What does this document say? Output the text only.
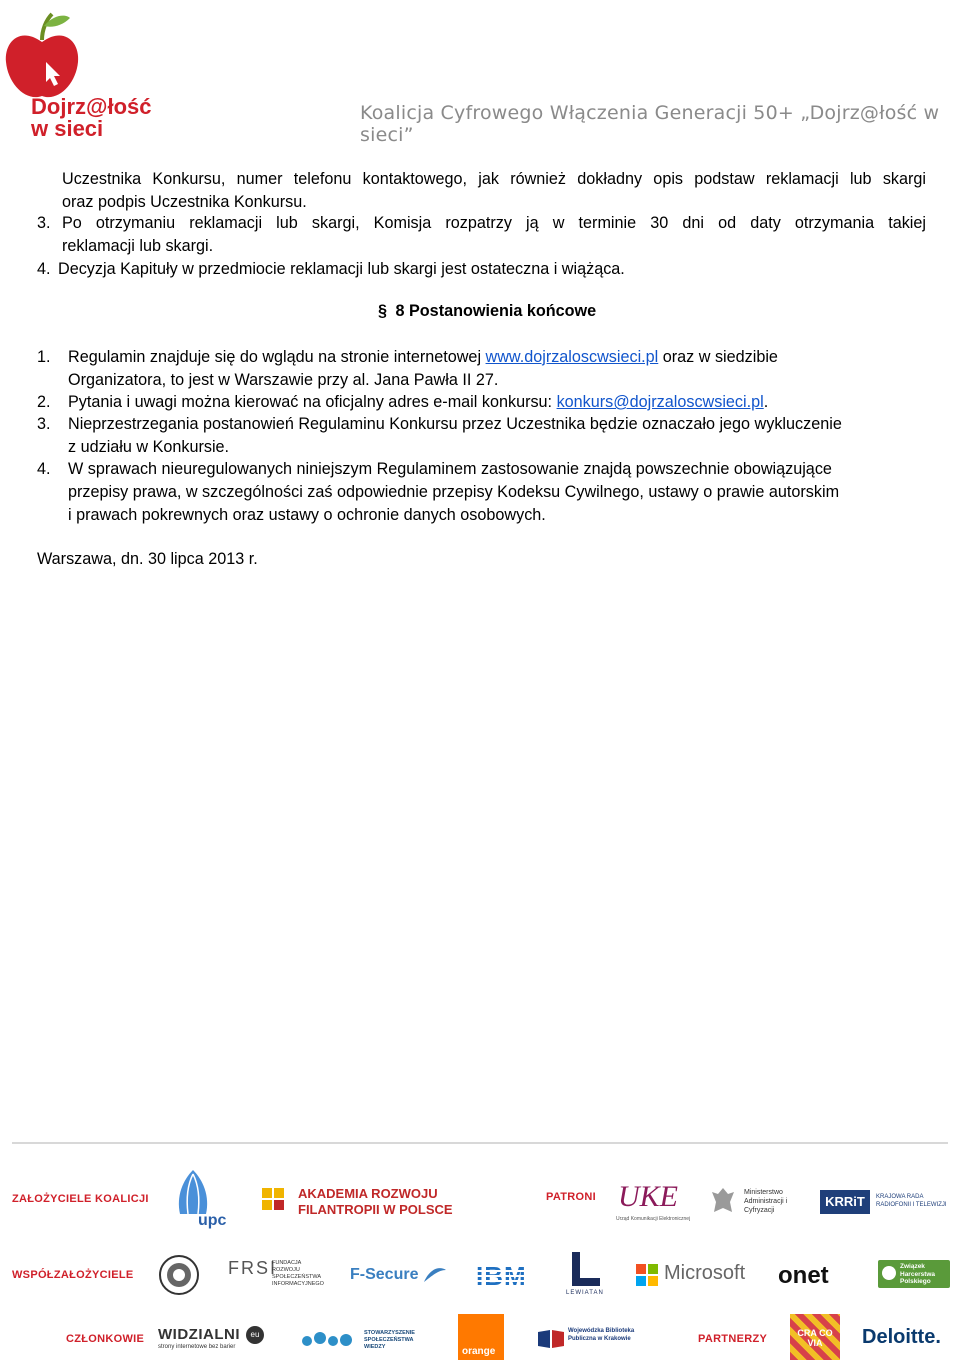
Dojrz@łość
w sieci
Koalicja Cyfrowego Włączenia Generacji 50+ „Dojrz@łość w sieci”
Uczestnika Konkursu, numer telefonu kontaktowego, jak również dokładny opis podstaw reklamacji lub skargi
oraz podpis Uczestnika Konkursu.
3. Po otrzymaniu reklamacji lub skargi, Komisja rozpatrzy ją w terminie 30 dni od daty otrzymania takiej
reklamacji lub skargi.
4. Decyzja Kapituły w przedmiocie reklamacji lub skargi jest ostateczna i wiążąca.
§ 8 Postanowienia końcowe
1. Regulamin znajduje się do wglądu na stronie internetowej www.dojrzaloscwsieci.pl oraz w siedzibie
Organizatora, to jest w Warszawie przy al. Jana Pawła II 27.
2. Pytania i uwagi można kierować na oficjalny adres e-mail konkursu: konkurs@dojrzaloscwsieci.pl.
3. Nieprzestrzegania postanowień Regulaminu Konkursu przez Uczestnika będzie oznaczało jego wykluczenie
z udziału w Konkursie.
4. W sprawach nieuregulowanych niniejszym Regulaminem zastosowanie znajdą powszechnie obowiązujące
przepisy prawa, w szczególności zaś odpowiednie przepisy Kodeksu Cywilnego, ustawy o prawie autorskim
i prawach pokrewnych oraz ustawy o ochronie danych osobowych.
Warszawa, dn. 30 lipca 2013 r.
ZAŁOŻYCIELE KOALICJI
upc
AKADEMIA ROZWOJU
FILANTROPII W POLSCE
PATRONI UKE
Urząd Komunikacji Elektronicznej
Ministerstwo Administracji i Cyfryzacji
KRRiT	KRAJOWA RADA RADIOFONII I TELEWIZJI
WSPÓŁZAŁOŻYCIELE	FRSI
FUNDACJA ROZWOJU SPOŁECZEŃSTWA INFORMACYJNEGO
F-Secure IBM
LEWIATAN
Microsoft onet	Związek Harcerstwa Polskiego
CZŁONKOWIE WIDZIALNI	eu
strony internetowe bez barier
STOWARZYSZENIE SPOŁECZEŃSTWA WIEDZY	orange
Wojewódzka Biblioteka Publiczna w Krakowie	PARTNERZY	CRA CO VIA	Deloitte.
